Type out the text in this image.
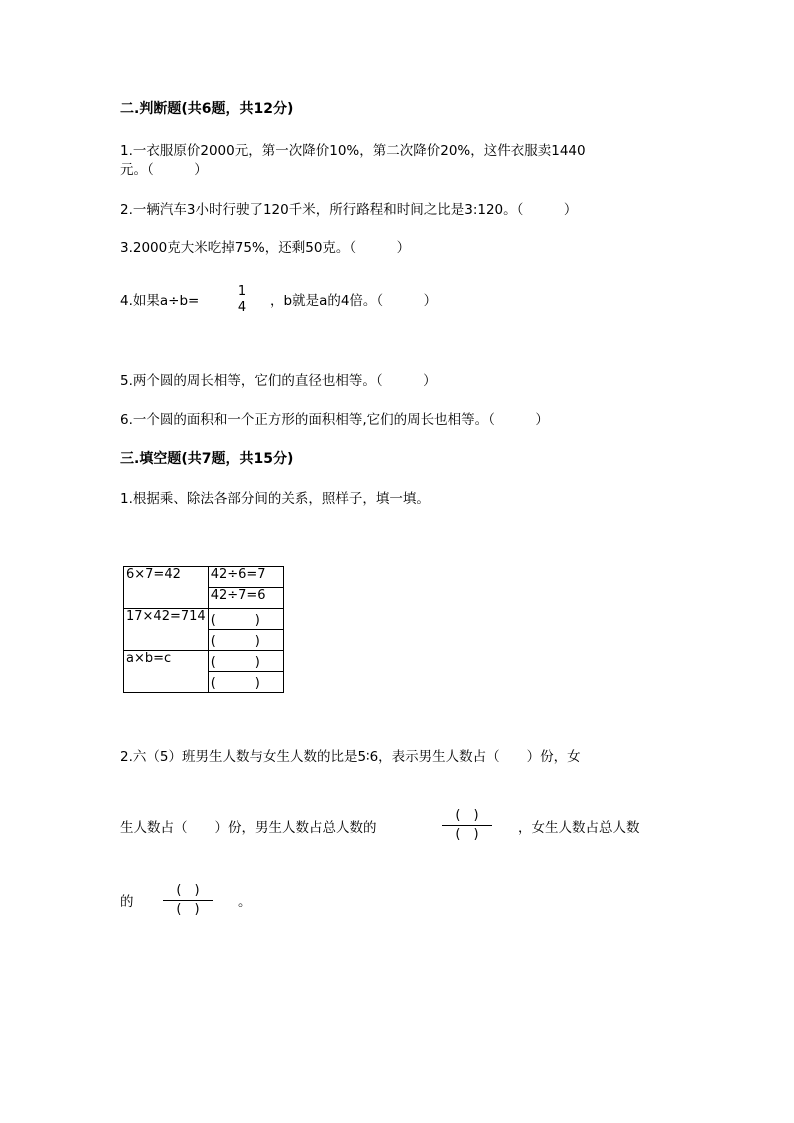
二.判断题(共6题，共12分)
1.一衣服原价2000元，第一次降价10%，第二次降价20%，这件衣服卖1440
元。（　　　）
2.一辆汽车3小时行驶了120千米，所行路程和时间之比是3:120。（　　　）
3.2000克大米吃掉75%，还剩50克。（　　　）
4.如果a÷b=
1
4	，b就是a的4倍。（　　　）
5.两个圆的周长相等，它们的直径也相等。（　　　）
6.一个圆的面积和一个正方形的面积相等,它们的周长也相等。（　　　）
三.填空题(共7题，共15分)
1.根据乘、除法各部分间的关系，照样子，填一填。
6×7=42	42÷6=7
	42÷7=6
17×42=714	(　　　)
	(　　　)
a×b=c	(　　　)
	(　　　)
2.六（5）班男生人数与女生人数的比是5∶6，表示男生人数占（　　）份，女
生人数占（　　）份，男生人数占总人数的
(　)
(　)	，女生人数占总人数
的
(　)
(　)	。
